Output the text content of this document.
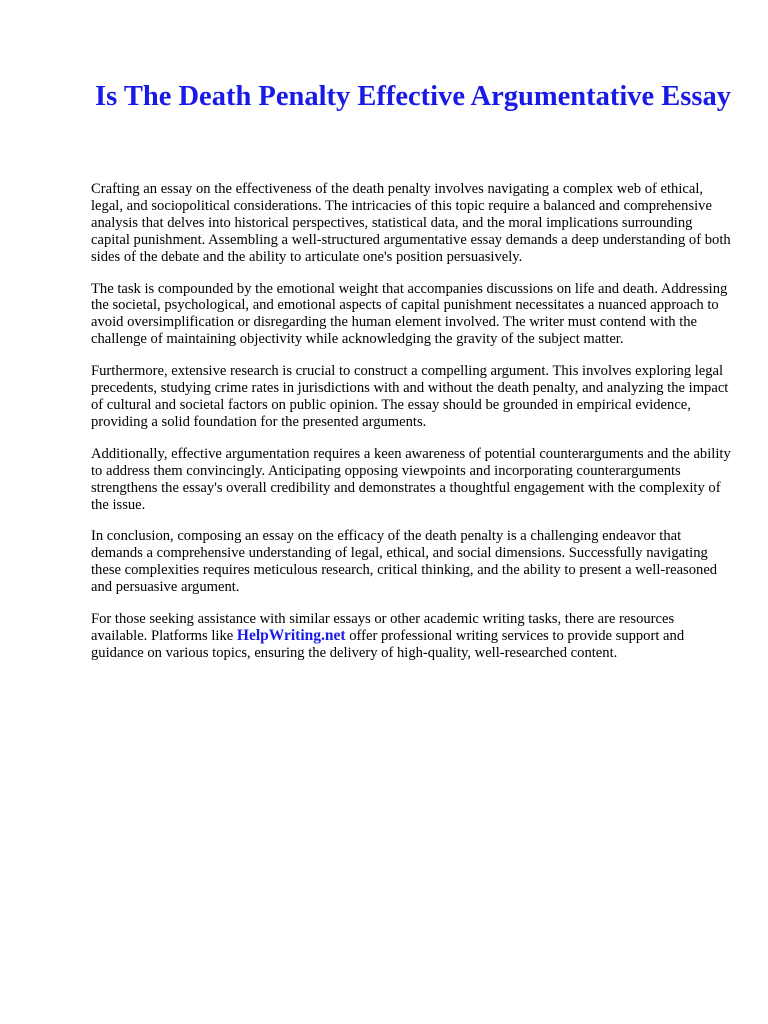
Is The Death Penalty Effective Argumentative Essay

Crafting an essay on the effectiveness of the death penalty involves navigating a complex web of ethical, legal, and sociopolitical considerations. The intricacies of this topic require a balanced and comprehensive analysis that delves into historical perspectives, statistical data, and the moral implications surrounding capital punishment. Assembling a well-structured argumentative essay demands a deep understanding of both sides of the debate and the ability to articulate one's position persuasively.

The task is compounded by the emotional weight that accompanies discussions on life and death. Addressing the societal, psychological, and emotional aspects of capital punishment necessitates a nuanced approach to avoid oversimplification or disregarding the human element involved. The writer must contend with the challenge of maintaining objectivity while acknowledging the gravity of the subject matter.

Furthermore, extensive research is crucial to construct a compelling argument. This involves exploring legal precedents, studying crime rates in jurisdictions with and without the death penalty, and analyzing the impact of cultural and societal factors on public opinion. The essay should be grounded in empirical evidence, providing a solid foundation for the presented arguments.

Additionally, effective argumentation requires a keen awareness of potential counterarguments and the ability to address them convincingly. Anticipating opposing viewpoints and incorporating counterarguments strengthens the essay's overall credibility and demonstrates a thoughtful engagement with the complexity of the issue.

In conclusion, composing an essay on the efficacy of the death penalty is a challenging endeavor that demands a comprehensive understanding of legal, ethical, and social dimensions. Successfully navigating these complexities requires meticulous research, critical thinking, and the ability to present a well-reasoned and persuasive argument.

For those seeking assistance with similar essays or other academic writing tasks, there are resources available. Platforms like HelpWriting.net offer professional writing services to provide support and guidance on various topics, ensuring the delivery of high-quality, well-researched content.
